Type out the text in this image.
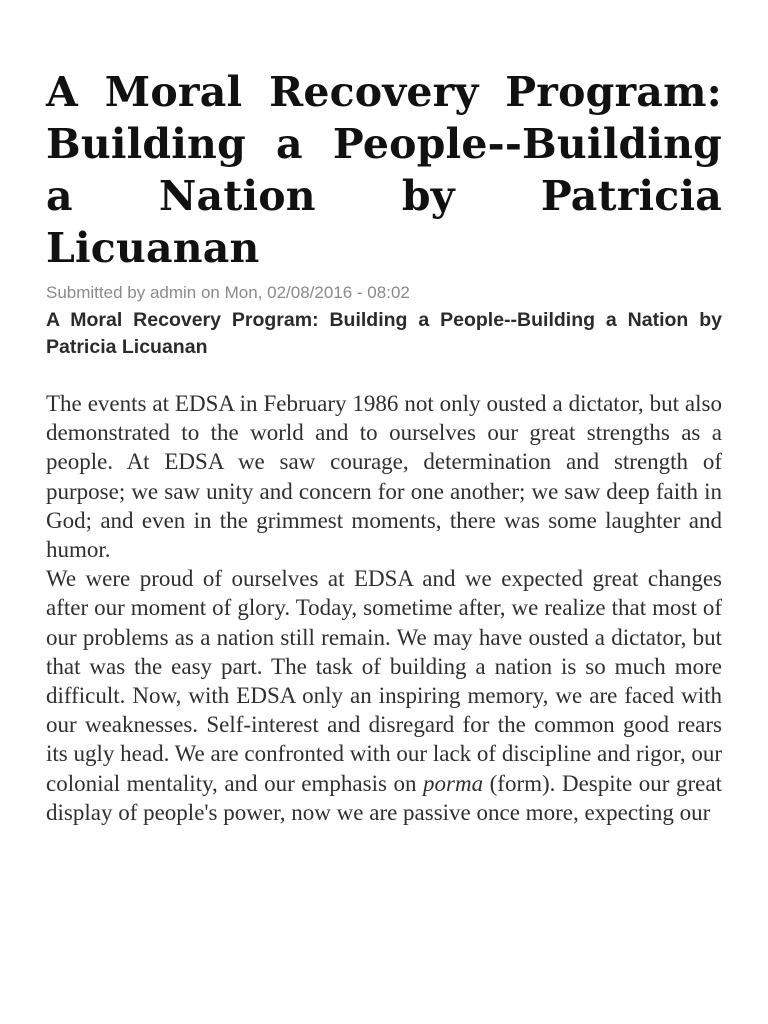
A Moral Recovery Program: Building a People--Building a Nation by Patricia Licuanan
Submitted by admin on Mon, 02/08/2016 - 08:02
A Moral Recovery Program: Building a People--Building a Nation by Patricia Licuanan

The events at EDSA in February 1986 not only ousted a dictator, but also demonstrated to the world and to ourselves our great strengths as a people. At EDSA we saw courage, determination and strength of purpose; we saw unity and concern for one another; we saw deep faith in God; and even in the grimmest moments, there was some laughter and humor.

We were proud of ourselves at EDSA and we expected great changes after our moment of glory. Today, sometime after, we realize that most of our problems as a nation still remain. We may have ousted a dictator, but that was the easy part. The task of building a nation is so much more difficult. Now, with EDSA only an inspiring memory, we are faced with our weaknesses. Self-interest and disregard for the common good rears its ugly head. We are confronted with our lack of discipline and rigor, our colonial mentality, and our emphasis on porma (form). Despite our great display of people's power, now we are passive once more, expecting our
